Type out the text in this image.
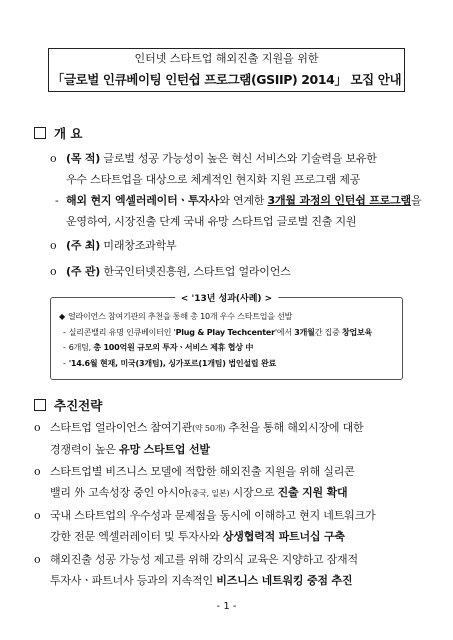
인터넷 스타트업 해외진출 지원을 위한
「글로벌 인큐베이팅 인턴쉽 프로그램(GSIIP) 2014」 모집 안내
개 요
o (목 적) 글로벌 성공 가능성이 높은 혁신 서비스와 기술력을 보유한
우수 스타트업을 대상으로 체계적인 현지화 지원 프로그램 제공
- 해외 현지 엑셀러레이터ㆍ투자사와 연계한 3개월 과정의 인턴쉽 프로그램을
운영하여, 시장진출 단계 국내 유망 스타트업 글로벌 진출 지원
o (주 최) 미래창조과학부
o (주 관) 한국인터넷진흥원, 스타트업 얼라이언스
< '13년 성과(사례) >
◆ 얼라이언스 참여기관의 추천을 통해 총 10개 우수 스타트업을 선발
- 실리콘밸리 유명 인큐베이터인 'Plug & Play Techcenter'에서 3개월간 집중 창업보육
- 6개팀, 총 100억원 규모의 투자ㆍ서비스 제휴 협상 中
- '14.6월 현재, 미국(3개팀), 싱가포르(1개팀) 법인설립 완료
추진전략
o 스타트업 얼라이언스 참여기관(약 50개) 추천을 통해 해외시장에 대한
경쟁력이 높은 유망 스타트업 선발
o 스타트업별 비즈니스 모델에 적합한 해외진출 지원을 위해 실리콘
밸리 外 고속성장 중인 아시아(중국, 일본) 시장으로 진출 지원 확대
o 국내 스타트업의 우수성과 문제점을 동시에 이해하고 현지 네트워크가
강한 전문 엑셀러레이터 및 투자사와 상생협력적 파트너십 구축
o 해외진출 성공 가능성 제고를 위해 강의식 교육은 지양하고 잠재적
투자사ㆍ파트너사 등과의 지속적인 비즈니스 네트워킹 중점 추진
- 1 -
